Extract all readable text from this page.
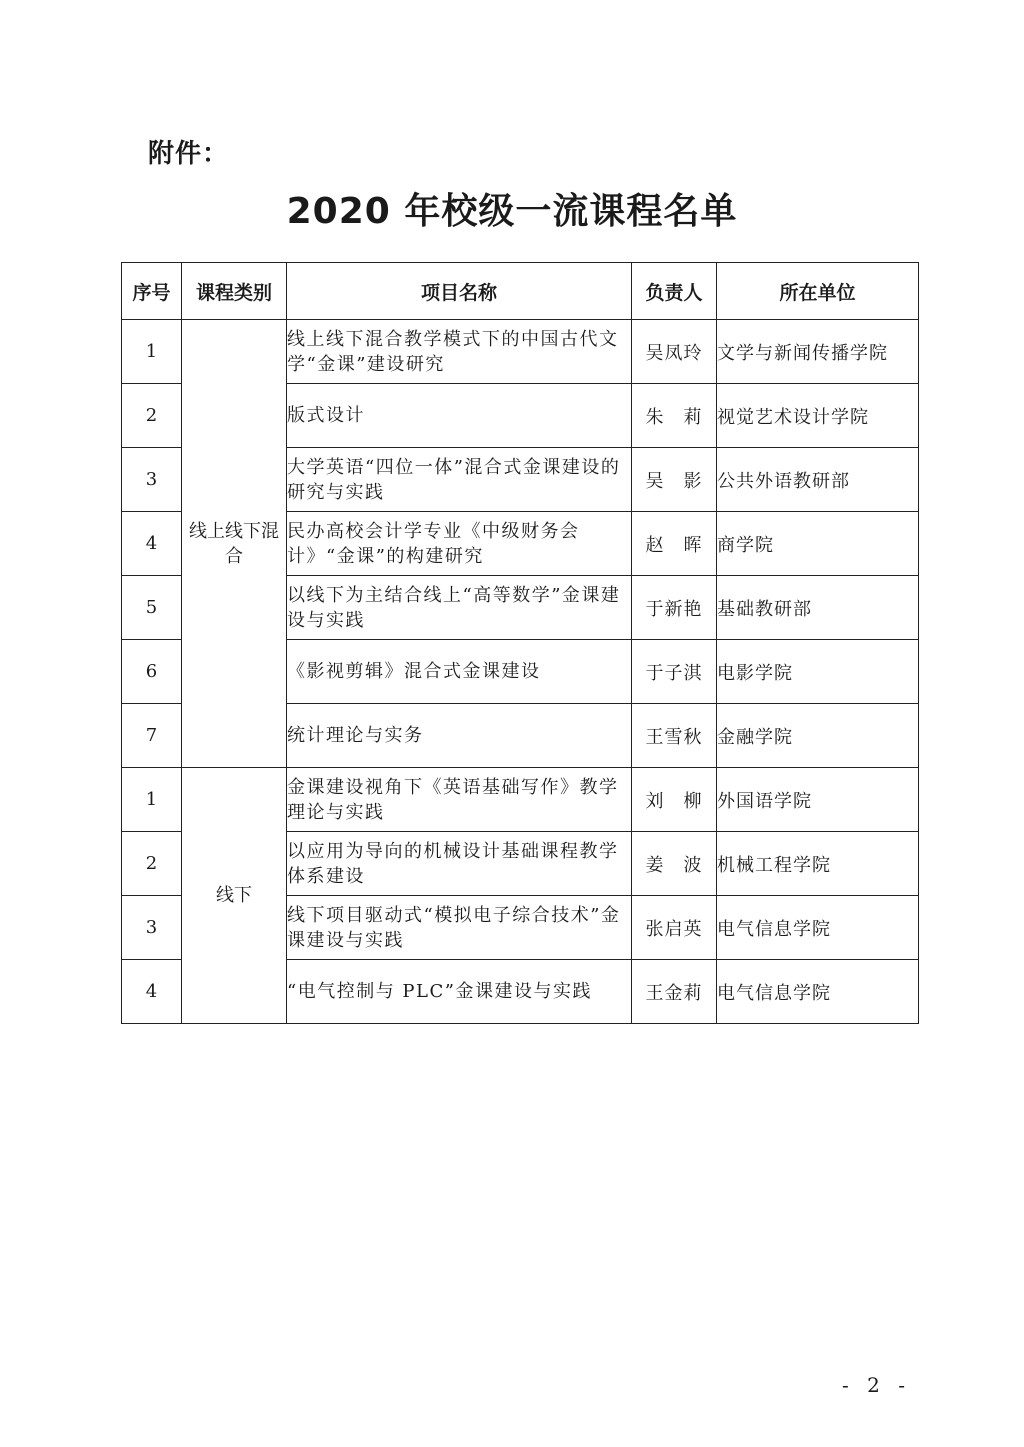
附件：
2020 年校级一流课程名单
序号	课程类别	项目名称	负责人	所在单位
1	线上线下混合	线上线下混合教学模式下的中国古代文学“金课”建设研究	吴凤玲	文学与新闻传播学院
2		版式设计	朱　莉	视觉艺术设计学院
3		大学英语“四位一体”混合式金课建设的研究与实践	吴　影	公共外语教研部
4		民办高校会计学专业《中级财务会计》“金课”的构建研究	赵　晖	商学院
5		以线下为主结合线上“高等数学”金课建设与实践	于新艳	基础教研部
6		《影视剪辑》混合式金课建设	于子淇	电影学院
7		统计理论与实务	王雪秋	金融学院
1	线下	金课建设视角下《英语基础写作》教学理论与实践	刘　柳	外国语学院
2		以应用为导向的机械设计基础课程教学体系建设	姜　波	机械工程学院
3		线下项目驱动式“模拟电子综合技术”金课建设与实践	张启英	电气信息学院
4		“电气控制与 PLC”金课建设与实践	王金莉	电气信息学院
- 2 -
